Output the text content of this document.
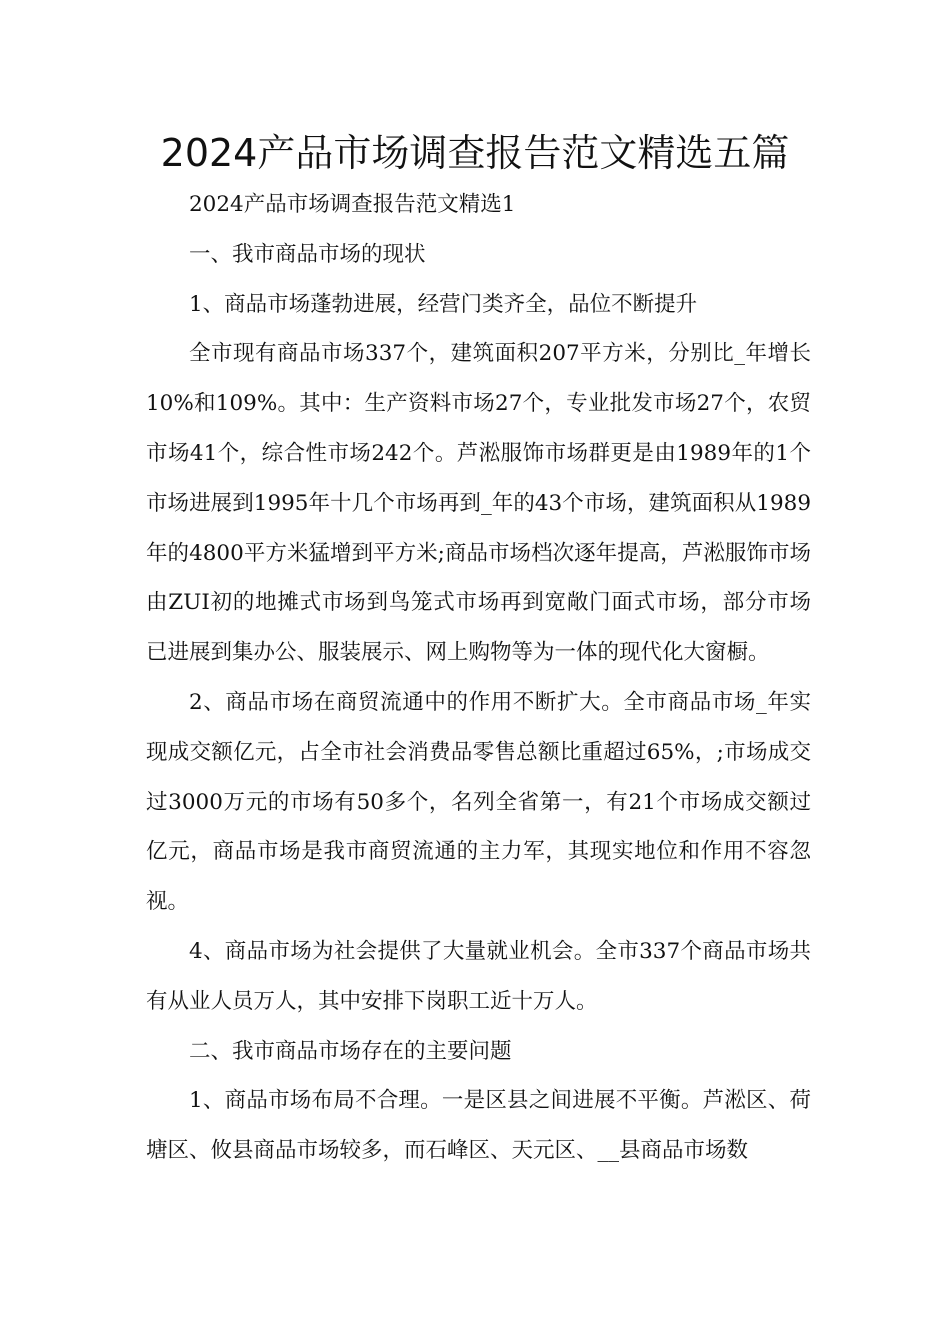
2024产品市场调查报告范文精选五篇

2024产品市场调查报告范文精选1

一、我市商品市场的现状

1、商品市场蓬勃进展，经营门类齐全，品位不断提升

全市现有商品市场337个，建筑面积207平方米，分别比_年增长10%和109%。其中：生产资料市场27个，专业批发市场27个，农贸市场41个，综合性市场242个。芦淞服饰市场群更是由1989年的1个市场进展到1995年十几个市场再到_年的43个市场，建筑面积从1989年的4800平方米猛增到平方米;商品市场档次逐年提高，芦淞服饰市场由ZUI初的地摊式市场到鸟笼式市场再到宽敞门面式市场，部分市场已进展到集办公、服装展示、网上购物等为一体的现代化大窗橱。

2、商品市场在商贸流通中的作用不断扩大。全市商品市场_年实现成交额亿元，占全市社会消费品零售总额比重超过65%，;市场成交过3000万元的市场有50多个，名列全省第一，有21个市场成交额过亿元，商品市场是我市商贸流通的主力军，其现实地位和作用不容忽视。

4、商品市场为社会提供了大量就业机会。全市337个商品市场共有从业人员万人，其中安排下岗职工近十万人。

二、我市商品市场存在的主要问题

1、商品市场布局不合理。一是区县之间进展不平衡。芦淞区、荷塘区、攸县商品市场较多，而石峰区、天元区、__县商品市场数
